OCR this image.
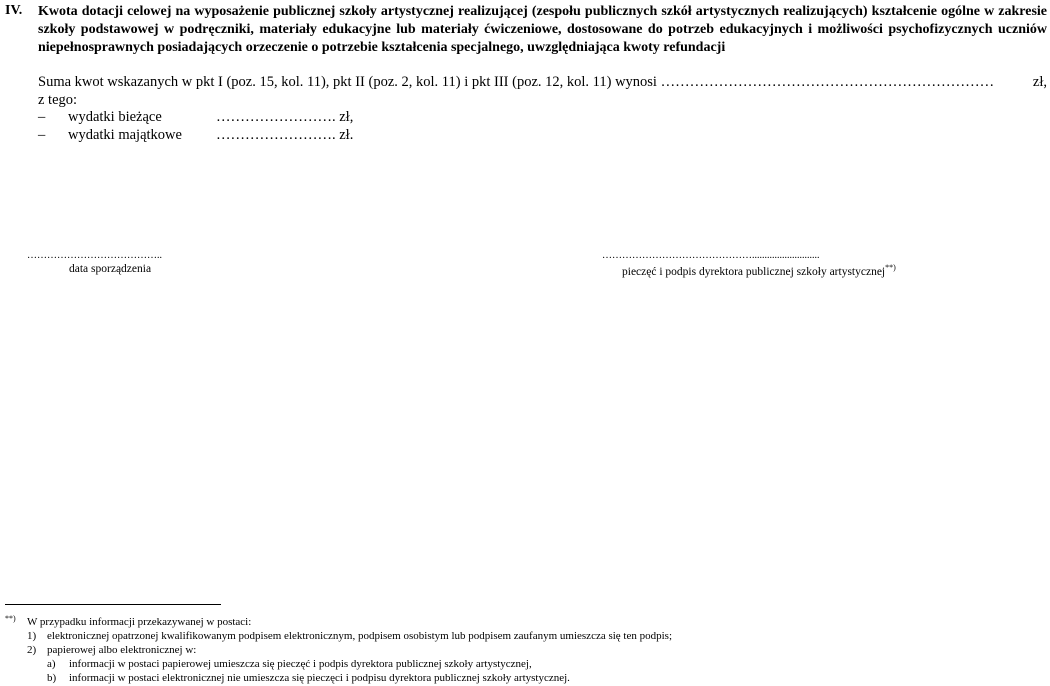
IV. Kwota dotacji celowej na wyposażenie publicznej szkoły artystycznej realizującej (zespołu publicznych szkół artystycznych realizujących) kształcenie ogólne w zakresie szkoły podstawowej w podręczniki, materiały edukacyjne lub materiały ćwiczeniowe, dostosowane do potrzeb edukacyjnych i możliwości psychofizycznych uczniów niepełnosprawnych posiadających orzeczenie o potrzebie kształcenia specjalnego, uwzględniająca kwoty refundacji
Suma kwot wskazanych w pkt I (poz. 15, kol. 11), pkt II (poz. 2, kol. 11) i pkt III (poz. 12, kol. 11) wynosi ……………………………………………………………	zł,
z tego:
– wydatki bieżące	……………………. zł,
– wydatki majątkowe ……………………. zł.
…………………………………..
data sporządzenia
………………………………………...........................
pieczęć i podpis dyrektora publicznej szkoły artystycznej**)
**) W przypadku informacji przekazywanej w postaci:
1) elektronicznej opatrzonej kwalifikowanym podpisem elektronicznym, podpisem osobistym lub podpisem zaufanym umieszcza się ten podpis;
2) papierowej albo elektronicznej w:
a) informacji w postaci papierowej umieszcza się pieczęć i podpis dyrektora publicznej szkoły artystycznej,
b) informacji w postaci elektronicznej nie umieszcza się pieczęci i podpisu dyrektora publicznej szkoły artystycznej.
